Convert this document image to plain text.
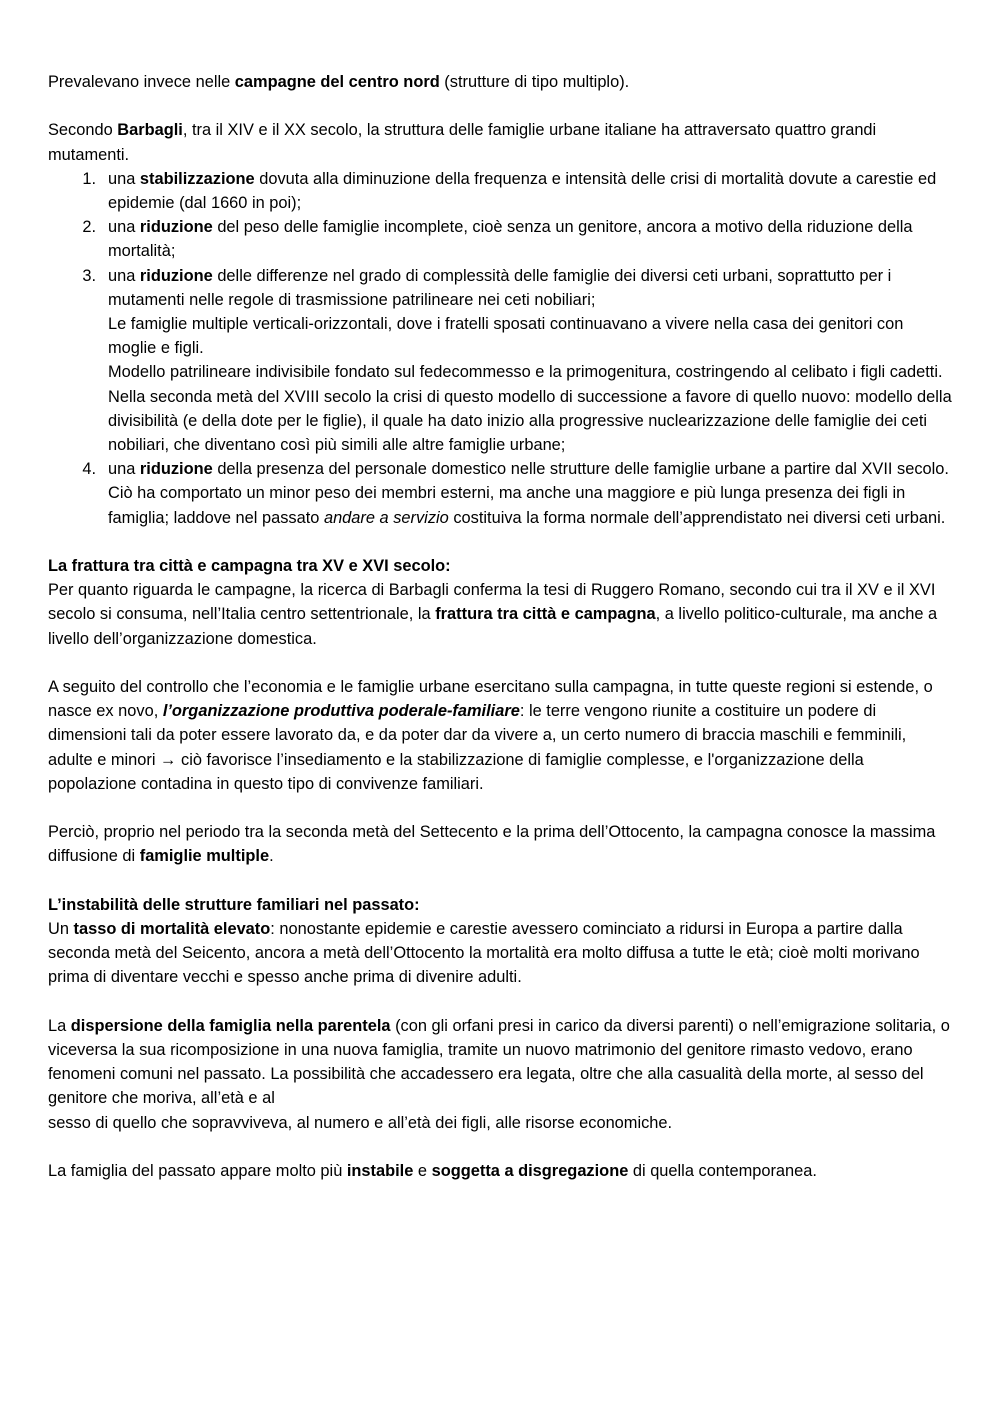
Prevalevano invece nelle campagne del centro nord (strutture di tipo multiplo).

Secondo Barbagli, tra il XIV e il XX secolo, la struttura delle famiglie urbane italiane ha attraversato quattro grandi mutamenti.

1. una stabilizzazione dovuta alla diminuzione della frequenza e intensità delle crisi di mortalità dovute a carestie ed epidemie (dal 1660 in poi);
2. una riduzione del peso delle famiglie incomplete, cioè senza un genitore, ancora a motivo della riduzione della mortalità;
3. una riduzione delle differenze nel grado di complessità delle famiglie dei diversi ceti urbani, soprattutto per i mutamenti nelle regole di trasmissione patrilineare nei ceti nobiliari;

Le famiglie multiple verticali-orizzontali, dove i fratelli sposati continuavano a vivere nella casa dei genitori con moglie e figli.

Modello patrilineare indivisibile fondato sul fedecommesso e la primogenitura, costringendo al celibato i figli cadetti.

Nella seconda metà del XVIII secolo la crisi di questo modello di successione a favore di quello nuovo: modello della divisibilità (e della dote per le figlie), il quale ha dato inizio alla progressive nuclearizzazione delle famiglie dei ceti nobiliari, che diventano così più simili alle altre famiglie urbane;

4. una riduzione della presenza del personale domestico nelle strutture delle famiglie urbane a partire dal XVII secolo. Ciò ha comportato un minor peso dei membri esterni, ma anche una maggiore e più lunga presenza dei figli in famiglia; laddove nel passato andare a servizio costituiva la forma normale dell’apprendistato nei diversi ceti urbani.

La frattura tra città e campagna tra XV e XVI secolo:

Per quanto riguarda le campagne, la ricerca di Barbagli conferma la tesi di Ruggero Romano, secondo cui tra il XV e il XVI secolo si consuma, nell’Italia centro settentrionale, la frattura tra città e campagna, a livello politico-culturale, ma anche a livello dell’organizzazione domestica.

A seguito del controllo che l’economia e le famiglie urbane esercitano sulla campagna, in tutte queste regioni si estende, o nasce ex novo, l’organizzazione produttiva poderale-familiare: le terre vengono riunite a costituire un podere di dimensioni tali da poter essere lavorato da, e da poter dar da vivere a, un certo numero di braccia maschili e femminili, adulte e minori → ciò favorisce l’insediamento e la stabilizzazione di famiglie complesse, e l'organizzazione della popolazione contadina in questo tipo di convivenze familiari.

Perciò, proprio nel periodo tra la seconda metà del Settecento e la prima dell’Ottocento, la campagna conosce la massima diffusione di famiglie multiple.

L’instabilità delle strutture familiari nel passato:

Un tasso di mortalità elevato: nonostante epidemie e carestie avessero cominciato a ridursi in Europa a partire dalla seconda metà del Seicento, ancora a metà dell’Ottocento la mortalità era molto diffusa a tutte le età; cioè molti morivano prima di diventare vecchi e spesso anche prima di divenire adulti.

La dispersione della famiglia nella parentela (con gli orfani presi in carico da diversi parenti) o nell’emigrazione solitaria, o viceversa la sua ricomposizione in una nuova famiglia, tramite un nuovo matrimonio del genitore rimasto vedovo, erano fenomeni comuni nel passato. La possibilità che accadessero era legata, oltre che alla casualità della morte, al sesso del genitore che moriva, all’età e al
sesso di quello che sopravviveva, al numero e all’età dei figli, alle risorse economiche.

La famiglia del passato appare molto più instabile e soggetta a disgregazione di quella contemporanea.
